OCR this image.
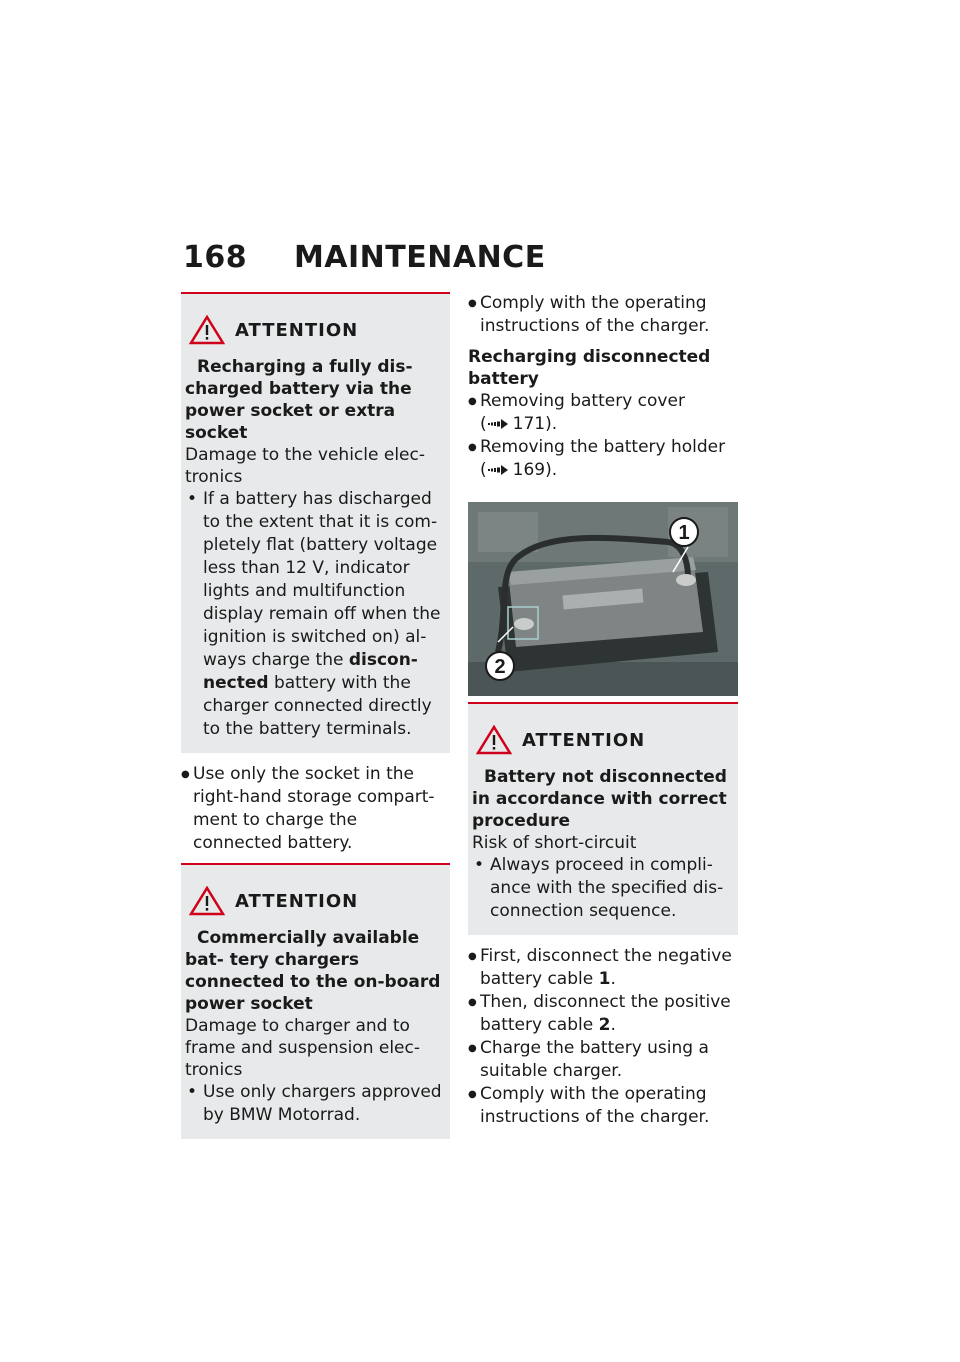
168 MAINTENANCE
ATTENTION
Recharging a fully dis- charged battery via the power socket or extra socket
Damage to the vehicle elec- tronics
• If a battery has discharged to the extent that it is com- pletely flat (battery voltage less than 12 V, indicator lights and multifunction display remain off when the ignition is switched on) al- ways charge the discon- nected battery with the charger connected directly to the battery terminals.
● Use only the socket in the right-hand storage compart- ment to charge the connected battery.
ATTENTION
Commercially available bat- tery chargers connected to the on-board power socket
Damage to charger and to frame and suspension elec- tronics
• Use only chargers approved by BMW Motorrad.
● Comply with the operating instructions of the charger.
Recharging disconnected battery
● Removing battery cover
( 171).
● Removing the battery holder
( 169).
1
2
ATTENTION
Battery not disconnected in accordance with correct procedure
Risk of short-circuit
• Always proceed in compli- ance with the specified dis- connection sequence.
● First, disconnect the negative battery cable 1.
● Then, disconnect the positive battery cable 2.
● Charge the battery using a suitable charger.
● Comply with the operating instructions of the charger.
